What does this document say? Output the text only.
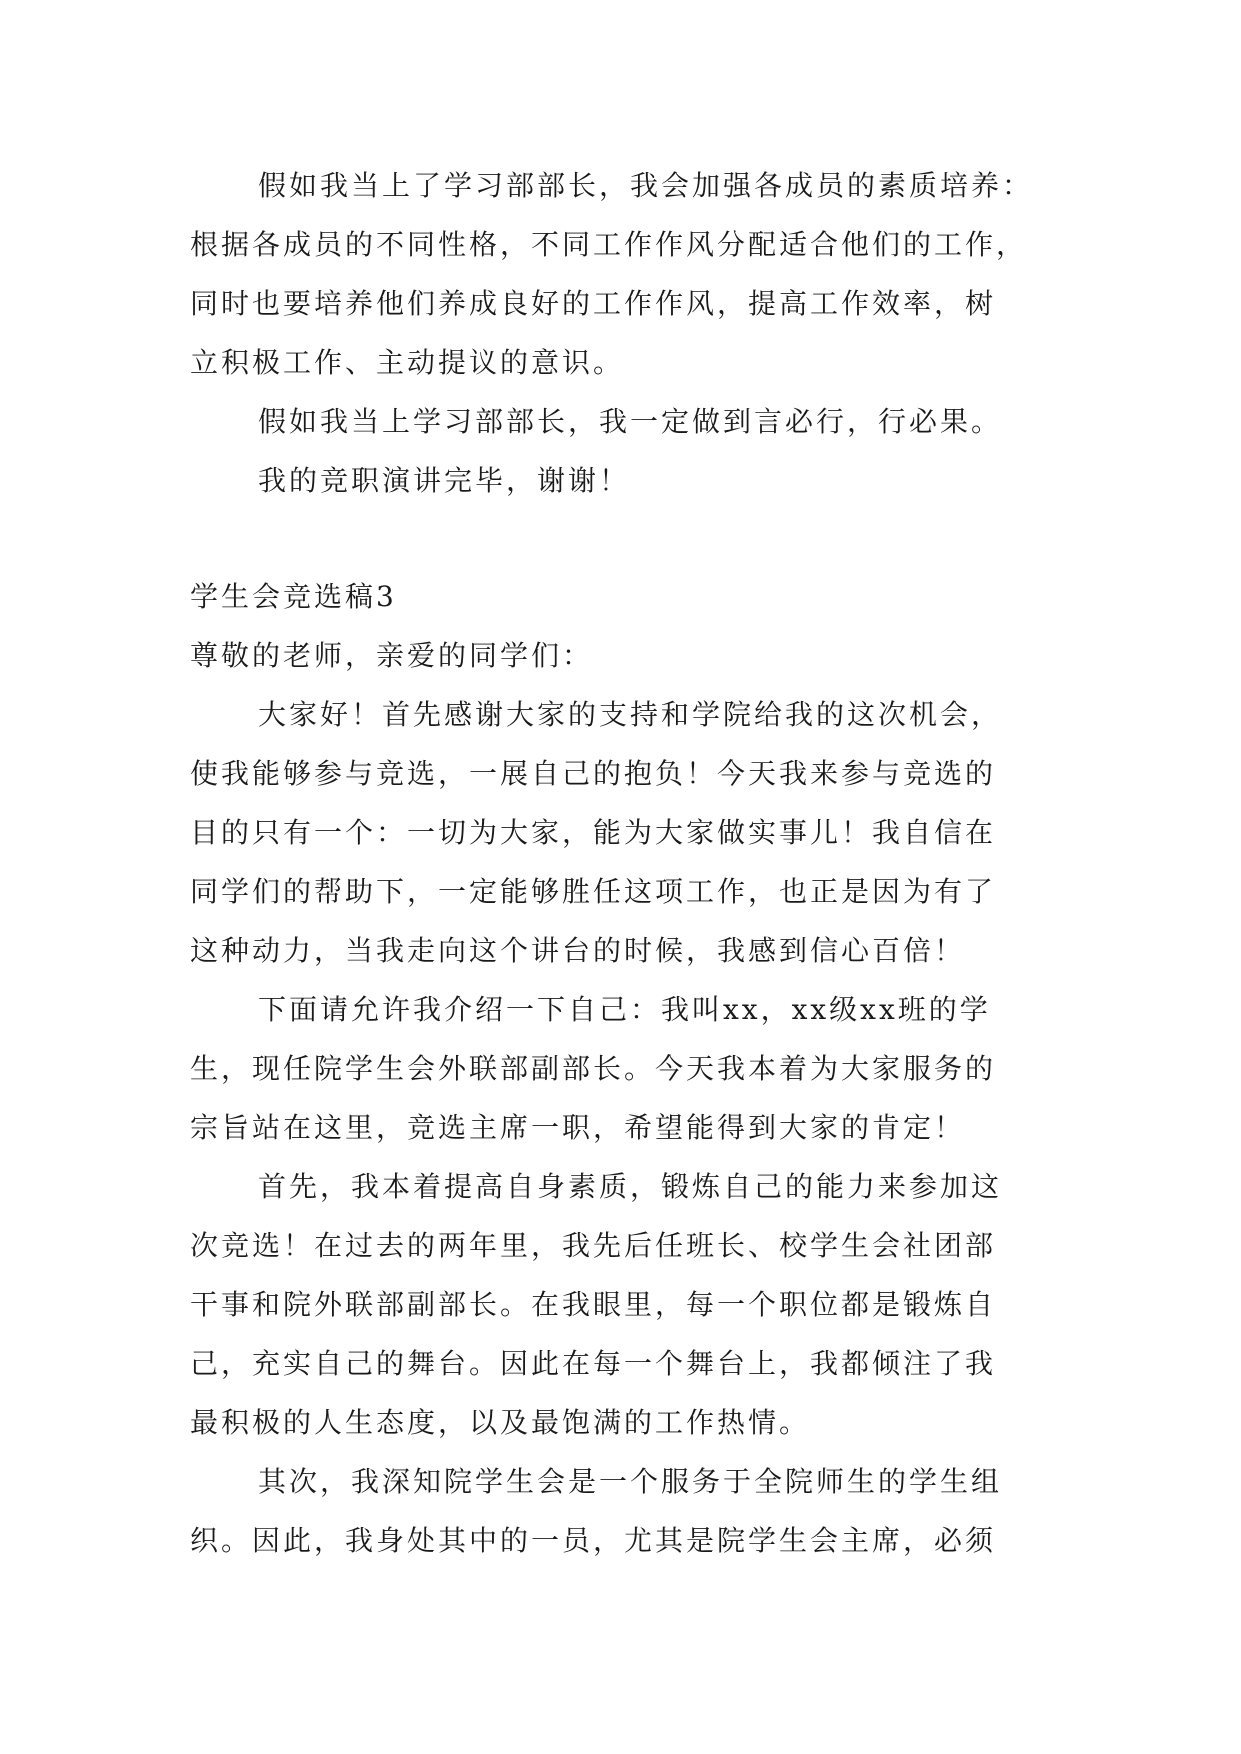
假如我当上了学习部部长，我会加强各成员的素质培养：
根据各成员的不同性格，不同工作作风分配适合他们的工作，
同时也要培养他们养成良好的工作作风，提高工作效率，树
立积极工作、主动提议的意识。
假如我当上学习部部长，我一定做到言必行，行必果。
我的竞职演讲完毕，谢谢！
学生会竞选稿3
尊敬的老师，亲爱的同学们：
大家好！首先感谢大家的支持和学院给我的这次机会，
使我能够参与竞选，一展自己的抱负！今天我来参与竞选的
目的只有一个：一切为大家，能为大家做实事儿！我自信在
同学们的帮助下，一定能够胜任这项工作，也正是因为有了
这种动力，当我走向这个讲台的时候，我感到信心百倍！
下面请允许我介绍一下自己：我叫xx，xx级xx班的学
生，现任院学生会外联部副部长。今天我本着为大家服务的
宗旨站在这里，竞选主席一职，希望能得到大家的肯定！
首先，我本着提高自身素质，锻炼自己的能力来参加这
次竞选！在过去的两年里，我先后任班长、校学生会社团部
干事和院外联部副部长。在我眼里，每一个职位都是锻炼自
己，充实自己的舞台。因此在每一个舞台上，我都倾注了我
最积极的人生态度，以及最饱满的工作热情。
其次，我深知院学生会是一个服务于全院师生的学生组
织。因此，我身处其中的一员，尤其是院学生会主席，必须
